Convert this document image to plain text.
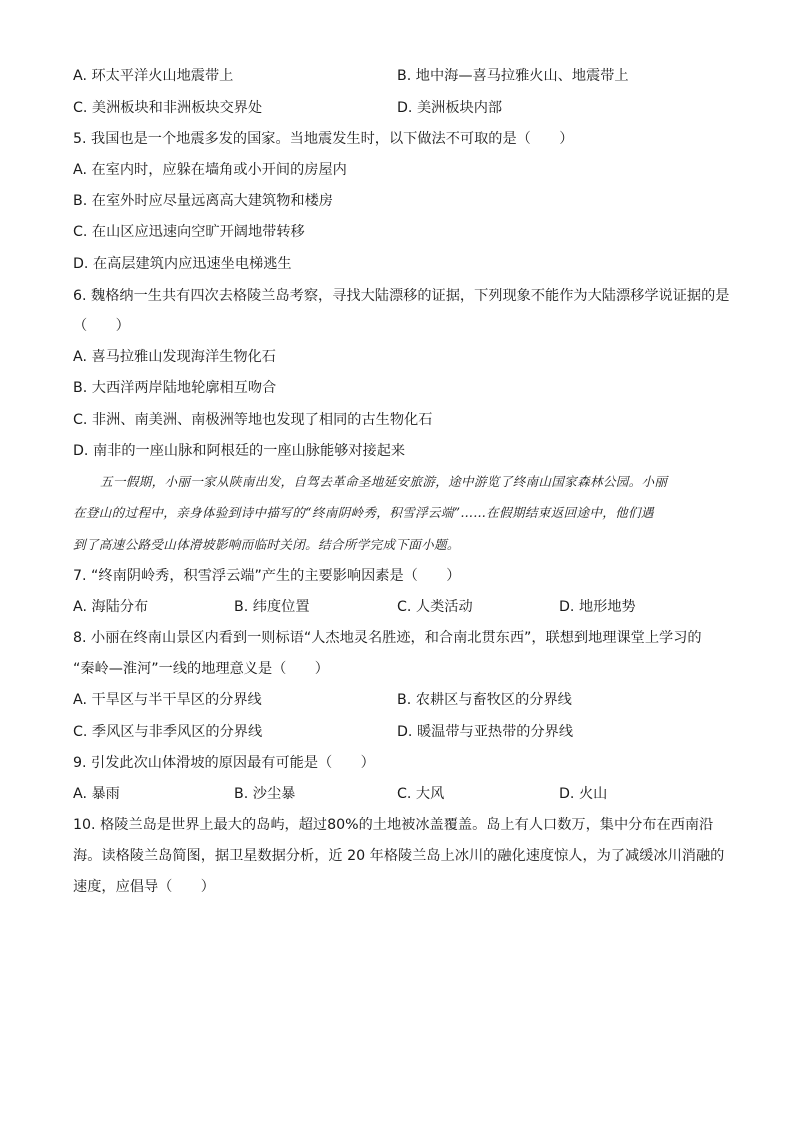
A. 环太平洋火山地震带上	B. 地中海—喜马拉雅火山、地震带上
C. 美洲板块和非洲板块交界处	D. 美洲板块内部
5. 我国也是一个地震多发的国家。当地震发生时，以下做法不可取的是（　　）
A. 在室内时，应躲在墙角或小开间的房屋内
B. 在室外时应尽量远离高大建筑物和楼房
C. 在山区应迅速向空旷开阔地带转移
D. 在高层建筑内应迅速坐电梯逃生
6. 魏格纳一生共有四次去格陵兰岛考察，寻找大陆漂移的证据，下列现象不能作为大陆漂移学说证据的是
（　　）
A. 喜马拉雅山发现海洋生物化石
B. 大西洋两岸陆地轮廓相互吻合
C. 非洲、南美洲、南极洲等地也发现了相同的古生物化石
D. 南非的一座山脉和阿根廷的一座山脉能够对接起来
五一假期，小丽一家从陕南出发，自驾去革命圣地延安旅游，途中游览了终南山国家森林公园。小丽
在登山的过程中，亲身体验到诗中描写的“终南阴岭秀，积雪浮云端”……在假期结束返回途中，他们遇
到了高速公路受山体滑坡影响而临时关闭。结合所学完成下面小题。
7. “终南阴岭秀，积雪浮云端”产生的主要影响因素是（　　）
A. 海陆分布	B. 纬度位置	C. 人类活动	D. 地形地势
8. 小丽在终南山景区内看到一则标语“人杰地灵名胜迹，和合南北贯东西”，联想到地理课堂上学习的
“秦岭—淮河”一线的地理意义是（　　）
A. 干旱区与半干旱区的分界线	B. 农耕区与畜牧区的分界线
C. 季风区与非季风区的分界线	D. 暖温带与亚热带的分界线
9. 引发此次山体滑坡的原因最有可能是（　　）
A. 暴雨	B. 沙尘暴	C. 大风	D. 火山
10. 格陵兰岛是世界上最大的岛屿，超过80%的土地被冰盖覆盖。岛上有人口数万，集中分布在西南沿
海。读格陵兰岛简图，据卫星数据分析，近 20 年格陵兰岛上冰川的融化速度惊人，为了减缓冰川消融的
速度，应倡导（　　）
